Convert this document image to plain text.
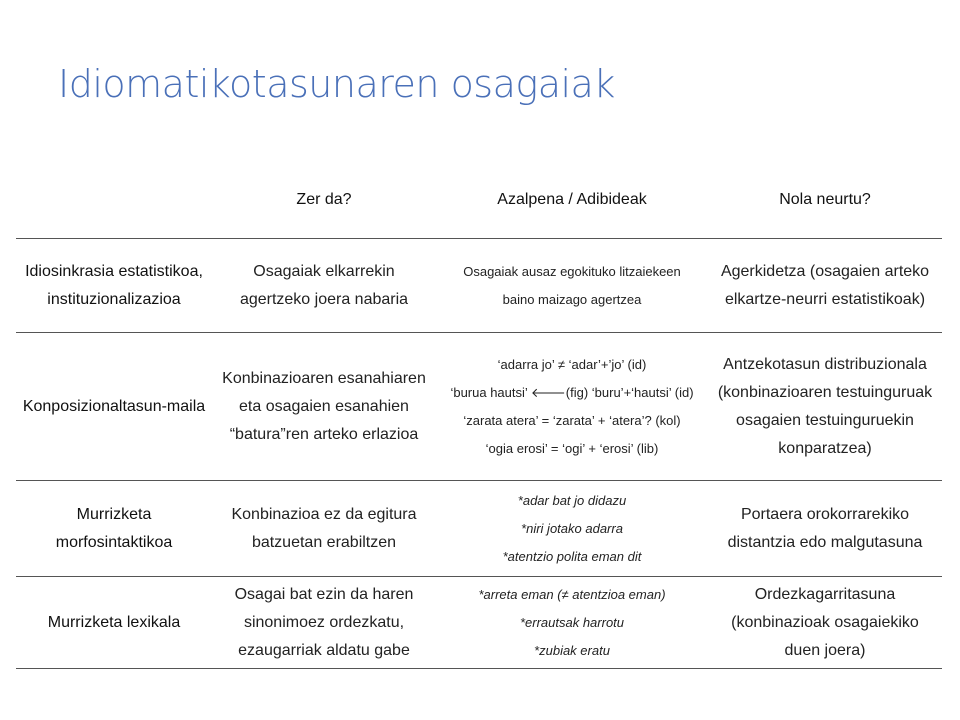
Idiomatikotasunaren osagaiak
	Zer da?	Azalpena / Adibideak	Nola neurtu?
Idiosinkrasia estatistikoa, instituzionalizazioa	Osagaiak elkarrekin agertzeko joera nabaria	Osagaiak ausaz egokituko litzaiekeen
baino maizago agertzea	Agerkidetza (osagaien arteko elkartze-neurri estatistikoak)
Konposizionaltasun-maila	Konbinazioaren esanahiaren eta osagaien esanahien “batura”ren arteko erlazioa	‘adarra jo’ ≠ ‘adar’+’jo’ (id)
‘burua hautsi’ 🡐(fig) ‘buru’+‘hautsi’ (id)
‘zarata atera’ = ‘zarata’ + ‘atera’? (kol)
‘ogia erosi’ = ‘ogi’ + ‘erosi’ (lib)	Antzekotasun distribuzionala (konbinazioaren testuinguruak osagaien testuinguruekin konparatzea)
Murrizketa morfosintaktikoa	Konbinazioa ez da egitura batzuetan erabiltzen	*adar bat jo didazu
*niri jotako adarra
*atentzio polita eman dit	Portaera orokorrarekiko distantzia edo malgutasuna
Murrizketa lexikala	Osagai bat ezin da haren sinonimoez ordezkatu, ezaugarriak aldatu gabe	*arreta eman (≠ atentzioa eman)
*errautsak harrotu
*zubiak eratu	Ordezkagarritasuna (konbinazioak osagaiekiko duen joera)
